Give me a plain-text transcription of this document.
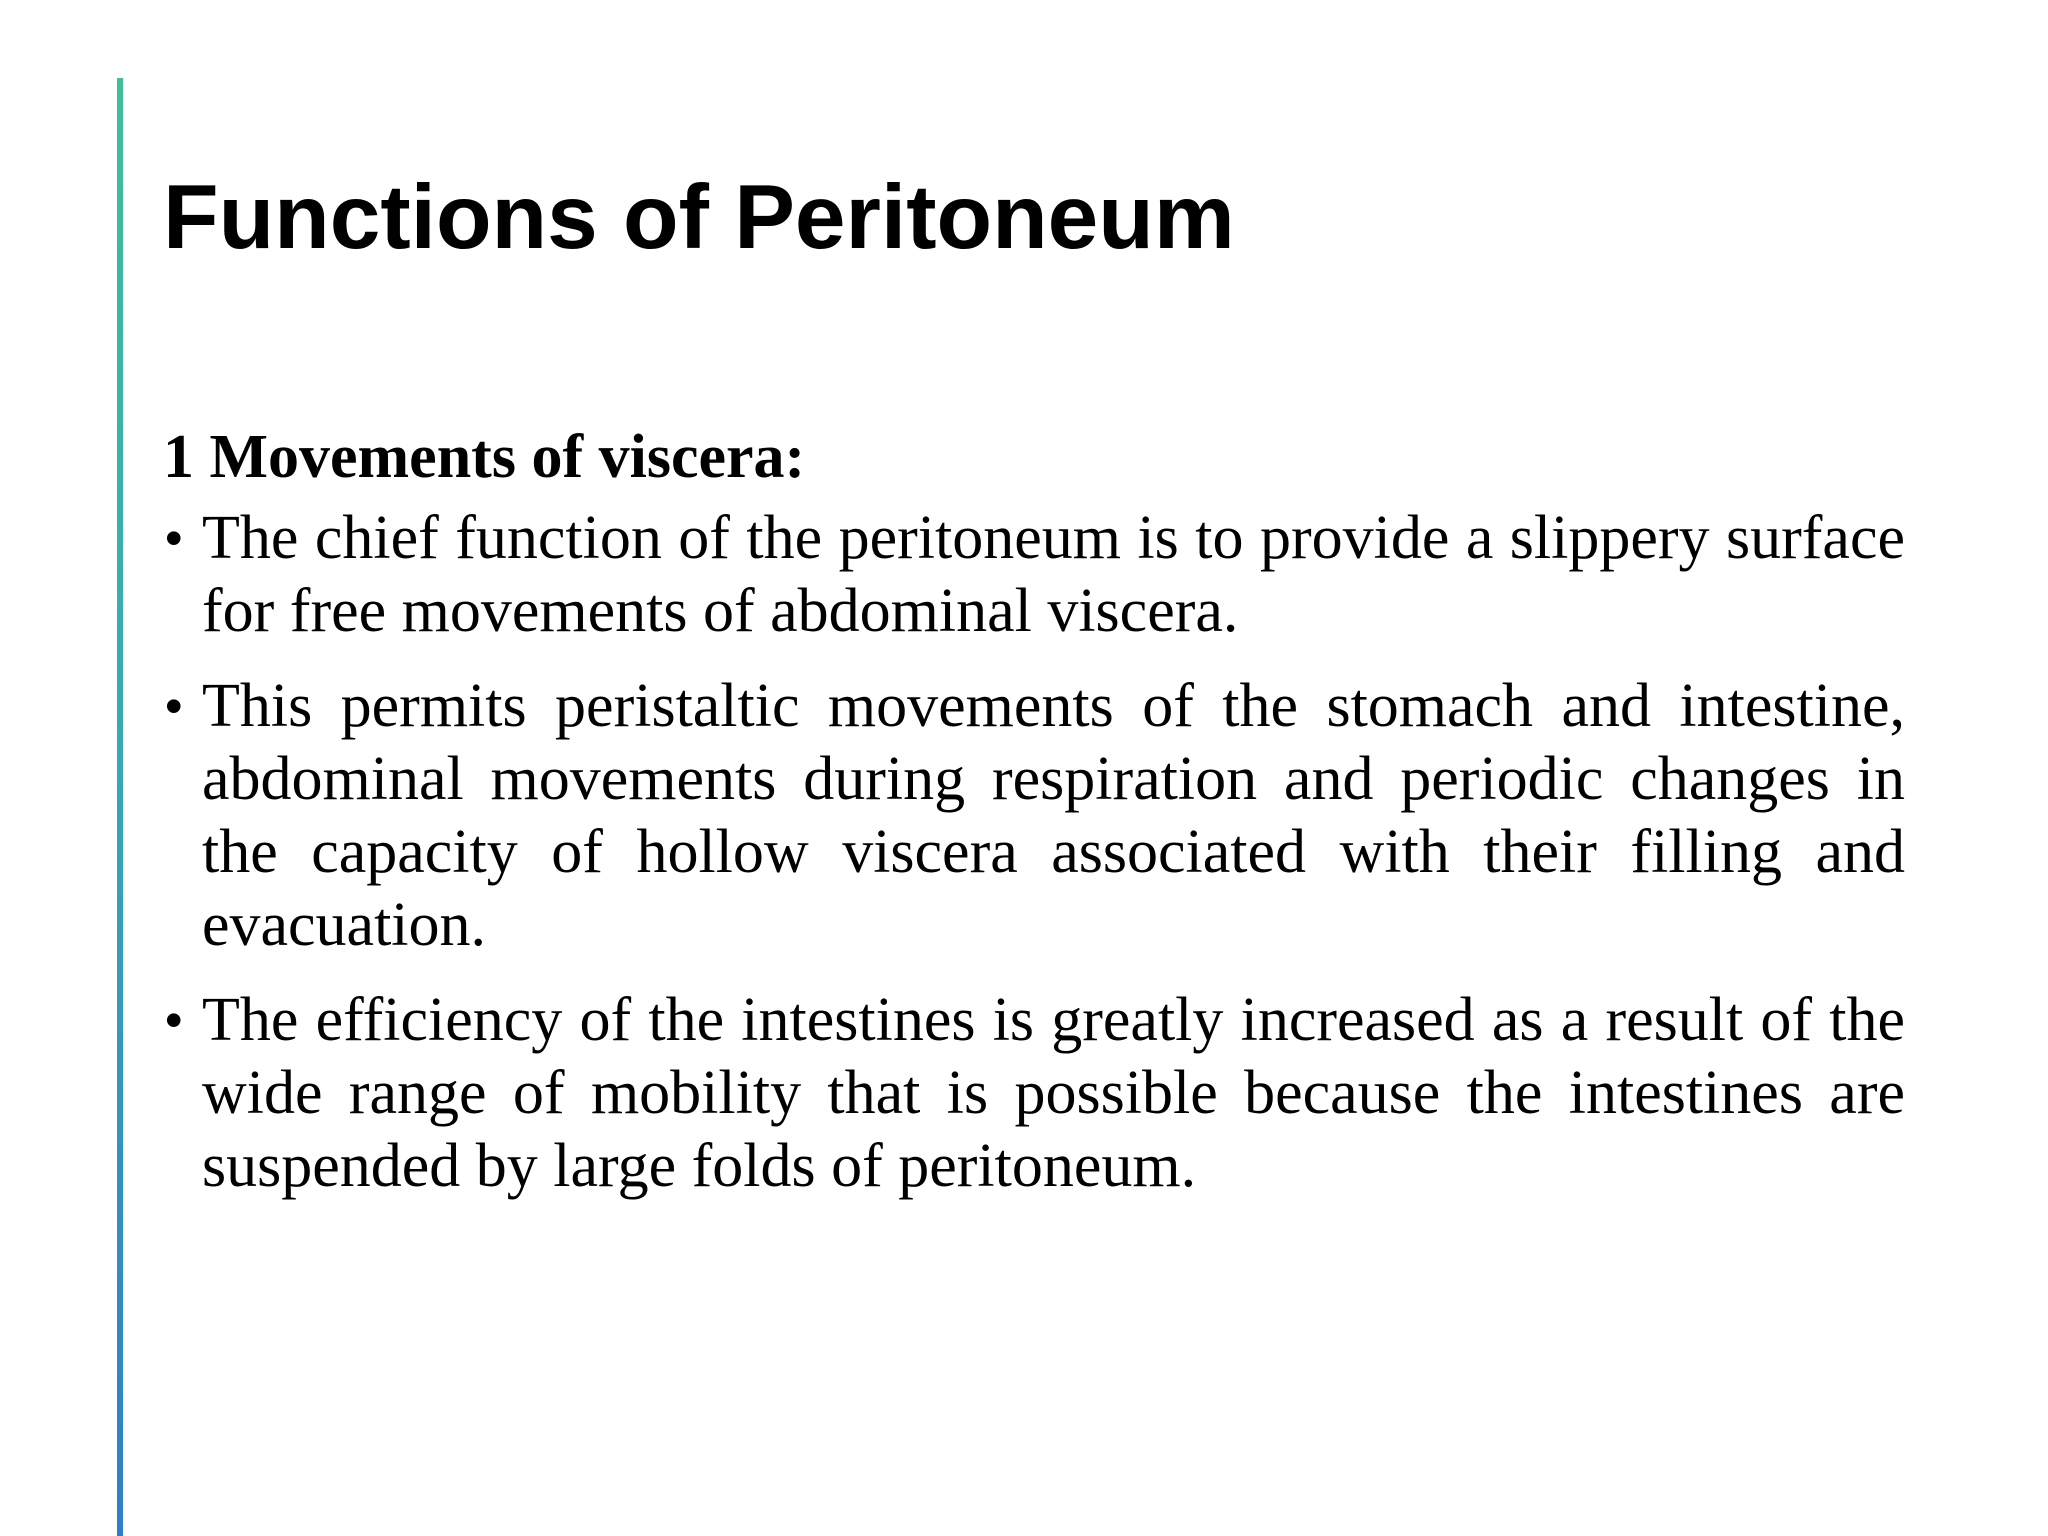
Functions of Peritoneum

1 Movements of viscera:

• The chief function of the peritoneum is to provide a slippery surface for free movements of abdominal viscera.
• This permits peristaltic movements of the stomach and intestine, abdominal movements during respiration and periodic changes in the capacity of hollow viscera associated with their filling and evacuation.
• The efficiency of the intestines is greatly increased as a result of the wide range of mobility that is possible because the intestines are suspended by large folds of peritoneum.
